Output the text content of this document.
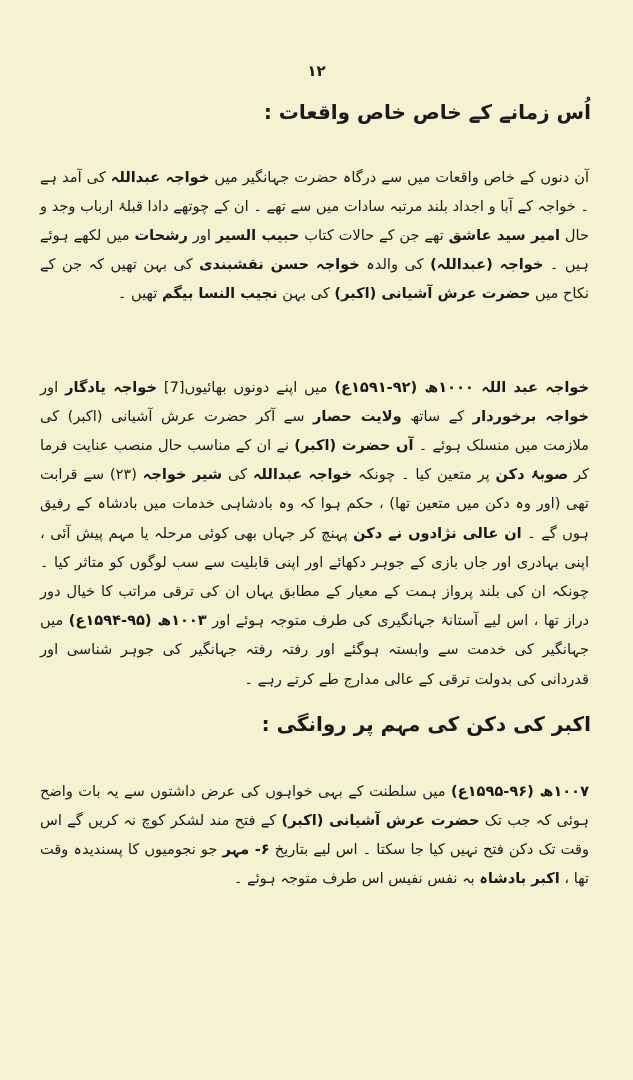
۱۲
اُس زمانے کے خاص خاص واقعات :

آن دنوں کے خاص واقعات میں سے درگاہ حضرت جہانگیر میں خواجہ عبداللہ کی آمد ہے ۔ خواجہ کے آبا و اجداد بلند مرتبہ سادات میں سے تھے ۔ ان کے چوتھے دادا قبلۂ ارباب وجد و حال امیر سید عاشق تھے جن کے حالات کتاب حبیب السیر اور رشحات میں لکھے ہوئے ہیں ۔ خواجہ (عبداللہ) کی والدہ خواجہ حسن نقشبندی کی بہن تھیں کہ جن کے نکاح میں حضرت عرش آشیانی (اکبر) کی بہن نجیب النسا بیگم تھیں ۔

خواجہ عبد اللہ ۱۰۰۰ھ (۹۲-۱۵۹۱ع) میں اپنے دونوں بھائیوں[7] خواجہ یادگار اور خواجہ برخوردار کے ساتھ ولایت حصار سے آکر حضرت عرش آشیانی (اکبر) کی ملازمت میں منسلک ہوئے ۔ آں حضرت (اکبر) نے ان کے مناسب حال منصب عنایت فرما کر صوبۂ دکن پر متعین کیا ۔ چونکہ خواجہ عبداللہ کی شیر خواجہ (۲۳) سے قرابت تھی (اور وہ دکن میں متعین تھا) ، حکم ہوا کہ وہ بادشاہی خدمات میں بادشاہ کے رفیق ہوں گے ۔ ان عالی نژادوں نے دکن پہنچ کر جہاں بھی کوئی مرحلہ یا مہم پیش آئی ، اپنی بہادری اور جاں بازی کے جوہر دکھائے اور اپنی قابلیت سے سب لوگوں کو متاثر کیا ۔ چونکہ ان کی بلند پرواز ہمت کے معیار کے مطابق یہاں ان کی ترقی مراتب کا خیال دور دراز تھا ، اس لیے آستانۂ جہانگیری کی طرف متوجہ ہوئے اور ۱۰۰۳ھ (۹۵-۱۵۹۴ع) میں جہانگیر کی خدمت سے وابستہ ہوگئے اور رفتہ رفتہ جہانگیر کی جوہر شناسی اور قدردانی کی بدولت ترقی کے عالی مدارج طے کرتے رہے ۔

اکبر کی دکن کی مہم پر روانگی :

۱۰۰۷ھ (۹۶-۱۵۹۵ع) میں سلطنت کے بہی خواہوں کی عرض داشتوں سے یہ بات واضح ہوئی کہ جب تک حضرت عرش آشیانی (اکبر) کے فتح مند لشکر کوچ نہ کریں گے اس وقت تک دکن فتح نہیں کیا جا سکتا ۔ اس لیے بتاریخ ۶- مہر جو نجومیوں کا پسندیدہ وقت تھا ، اکبر بادشاہ بہ نفس نفیس اس طرف متوجہ ہوئے ۔
